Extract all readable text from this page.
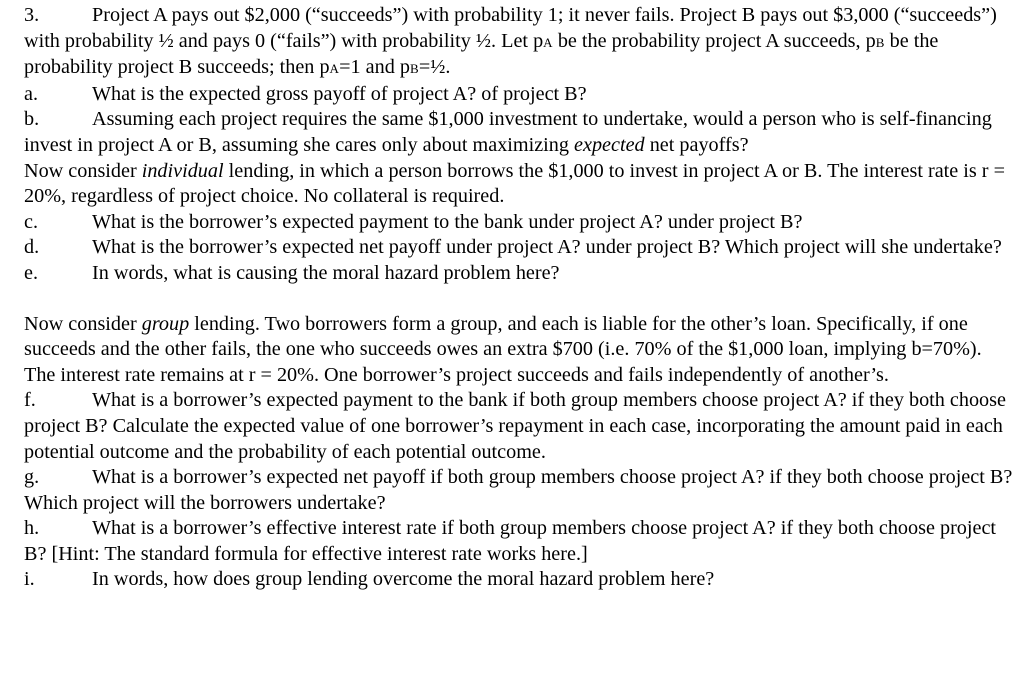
3.	Project A pays out $2,000 (“succeeds”) with probability 1; it never fails. Project B pays out $3,000 (“succeeds”) with probability ½ and pays 0 (“fails”) with probability ½. Let pA be the probability project A succeeds, pB be the probability project B succeeds; then pA=1 and pB=½.

a.	What is the expected gross payoff of project A? of project B?

b.	Assuming each project requires the same $1,000 investment to undertake, would a person who is self-financing invest in project A or B, assuming she cares only about maximizing expected net payoffs?

Now consider individual lending, in which a person borrows the $1,000 to invest in project A or B. The interest rate is r = 20%, regardless of project choice. No collateral is required.

c.	What is the borrower’s expected payment to the bank under project A? under project B?

d.	What is the borrower’s expected net payoff under project A? under project B? Which project will she undertake?

e.	In words, what is causing the moral hazard problem here?

Now consider group lending. Two borrowers form a group, and each is liable for the other’s loan. Specifically, if one succeeds and the other fails, the one who succeeds owes an extra $700 (i.e. 70% of the $1,000 loan, implying b=70%). The interest rate remains at r = 20%. One borrower’s project succeeds and fails independently of another’s.

f.	What is a borrower’s expected payment to the bank if both group members choose project A? if they both choose project B? Calculate the expected value of one borrower’s repayment in each case, incorporating the amount paid in each potential outcome and the probability of each potential outcome.

g.	What is a borrower’s expected net payoff if both group members choose project A? if they both choose project B? Which project will the borrowers undertake?

h.	What is a borrower’s effective interest rate if both group members choose project A? if they both choose project B? [Hint: The standard formula for effective interest rate works here.]

i.	In words, how does group lending overcome the moral hazard problem here?
